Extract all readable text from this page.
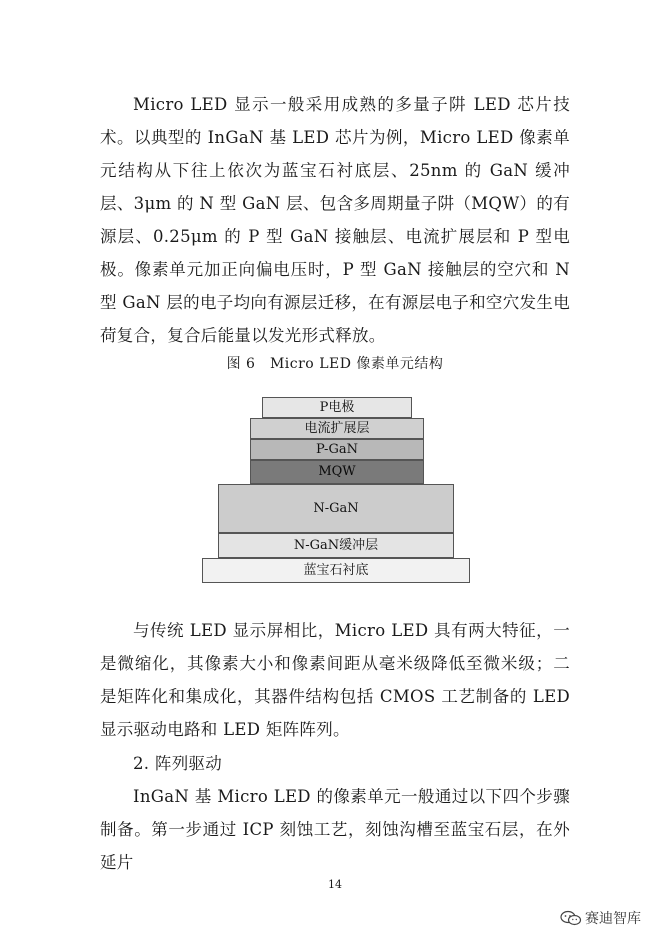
Micro LED 显示一般采用成熟的多量子阱 LED 芯片技术。以典型的 InGaN 基 LED 芯片为例，Micro LED 像素单元结构从下往上依次为蓝宝石衬底层、25nm 的 GaN 缓冲层、3μm 的 N 型 GaN 层、包含多周期量子阱（MQW）的有源层、0.25μm 的 P 型 GaN 接触层、电流扩展层和 P 型电极。像素单元加正向偏电压时，P 型 GaN 接触层的空穴和 N 型 GaN 层的电子均向有源层迁移，在有源层电子和空穴发生电荷复合，复合后能量以发光形式释放。

图 6　Micro LED 像素单元结构
P电极
电流扩展层
P-GaN
MQW
N-GaN
N-GaN缓冲层
蓝宝石衬底

与传统 LED 显示屏相比，Micro LED 具有两大特征，一是微缩化，其像素大小和像素间距从毫米级降低至微米级；二是矩阵化和集成化，其器件结构包括 CMOS 工艺制备的 LED 显示驱动电路和 LED 矩阵阵列。

2. 阵列驱动

InGaN 基 Micro LED 的像素单元一般通过以下四个步骤制备。第一步通过 ICP 刻蚀工艺，刻蚀沟槽至蓝宝石层，在外延片

14
赛迪智库
